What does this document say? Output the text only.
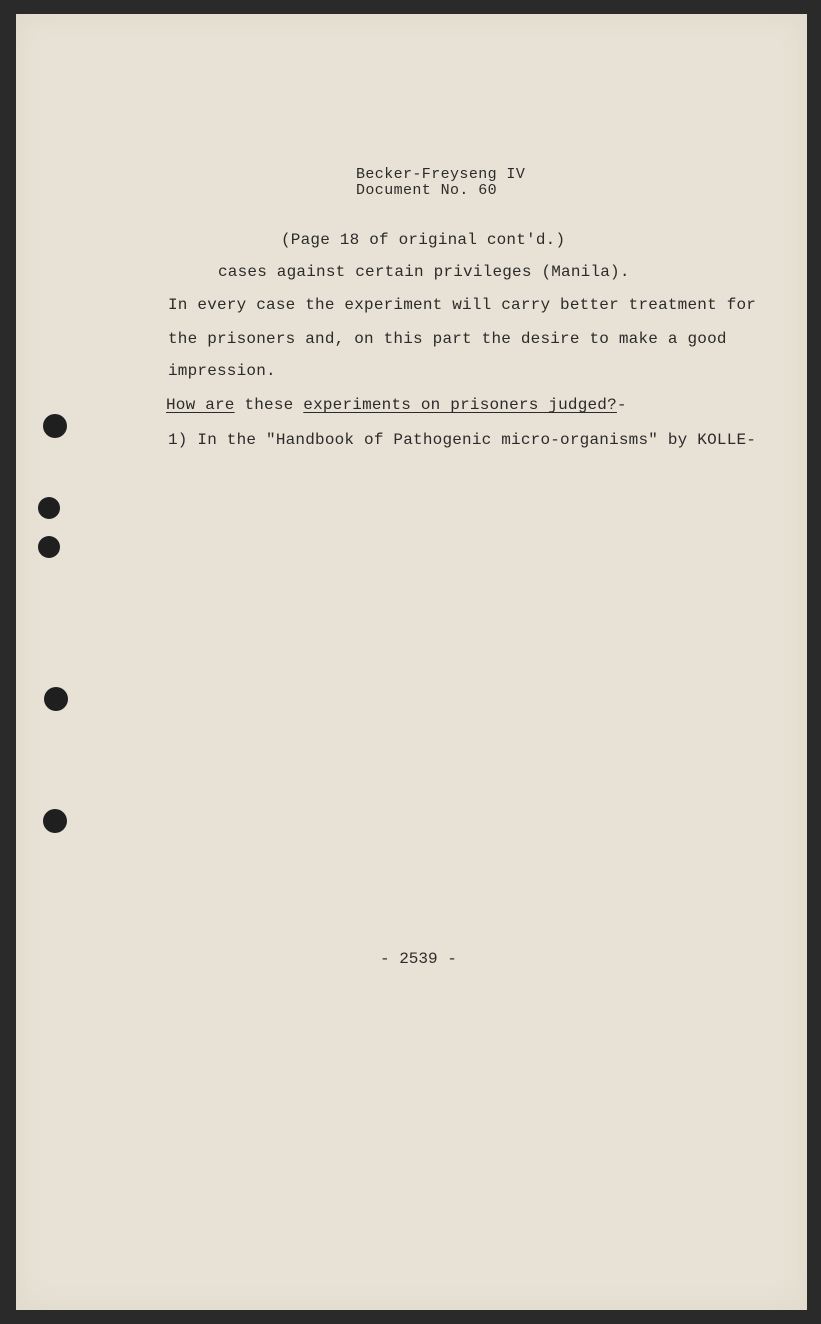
Becker-Freyseng IV
Document No. 60
(Page 18 of original cont'd.)
cases against certain privileges (Manila).
In every case the experiment will carry better treatment for
the prisoners and, on this part the desire to make a good
impression.
How are these experiments on prisoners judged?-
1) In the "Handbook of Pathogenic micro-organisms" by KOLLE-
- 2539 -
